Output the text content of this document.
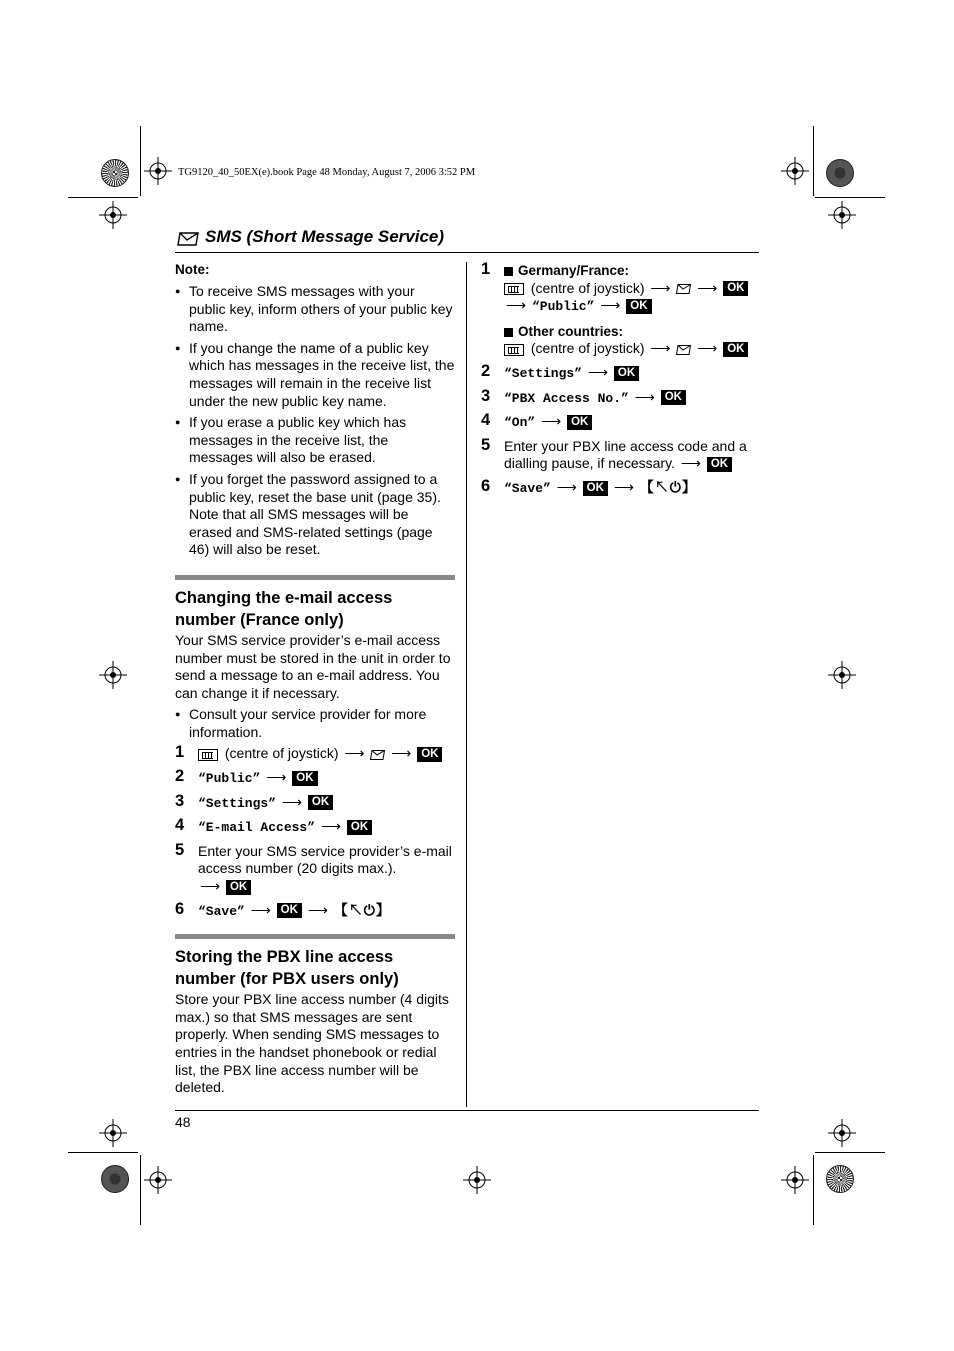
TG9120_40_50EX(e).book Page 48 Monday, August 7, 2006 3:52 PM
SMS (Short Message Service)
Note:
● To receive SMS messages with your public key, inform others of your public key name.
● If you change the name of a public key which has messages in the receive list, the messages will remain in the receive list under the new public key name.
● If you erase a public key which has messages in the receive list, the messages will also be erased.
● If you forget the password assigned to a public key, reset the base unit (page 35). Note that all SMS messages will be erased and SMS-related settings (page 46) will also be reset.
Changing the e-mail access number (France only)
Your SMS service provider’s e-mail access number must be stored in the unit in order to send a message to an e-mail address. You can change it if necessary.
● Consult your service provider for more information.
1	(centre of joystick) ⟶ ⟶ OK
2 “Public” ⟶ OK
3 “Settings” ⟶ OK
4 “E-mail Access” ⟶ OK
5 Enter your SMS service provider’s e-mail access number (20 digits max.).
⟶ OK
6 “Save” ⟶ OK ⟶ 【↖⏻】
Storing the PBX line access number (for PBX users only)
Store your PBX line access number (4 digits max.) so that SMS messages are sent properly. When sending SMS messages to entries in the handset phonebook or redial list, the PBX line access number will be deleted.
1	Germany/France:
(centre of joystick) ⟶ ⟶ OK
⟶ “Public” ⟶ OK
Other countries:
(centre of joystick) ⟶ ⟶ OK
2 “Settings” ⟶ OK
3 “PBX Access No.” ⟶ OK
4 “On” ⟶ OK
5 Enter your PBX line access code and a dialling pause, if necessary. ⟶ OK
6 “Save” ⟶ OK ⟶ 【↖⏻】
48
